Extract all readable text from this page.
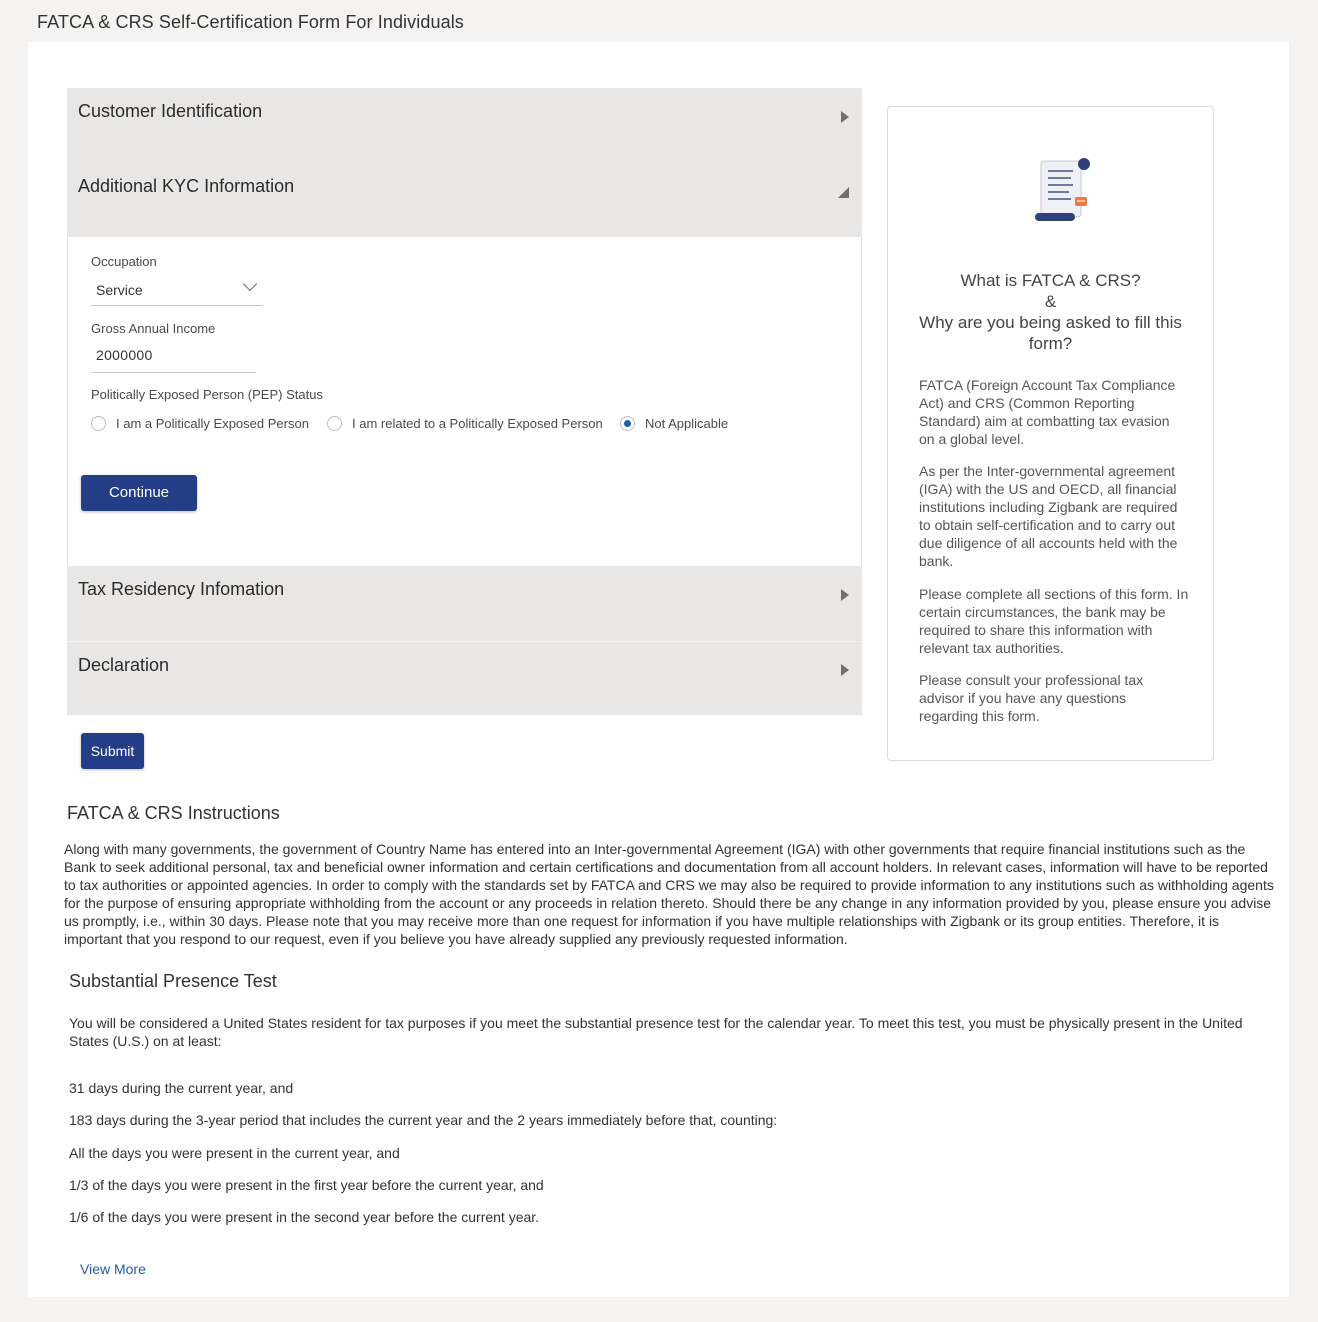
FATCA & CRS Self-Certification Form For Individuals
Customer Identification
Additional KYC Information
Occupation
Service
Gross Annual Income
2000000
Politically Exposed Person (PEP) Status
I am a Politically Exposed Person	I am related to a Politically Exposed Person	Not Applicable
Continue
Tax Residency Infomation
Declaration
Submit
What is FATCA & CRS?
&
Why are you being asked to fill this form?
FATCA (Foreign Account Tax Compliance Act) and CRS (Common Reporting Standard) aim at combatting tax evasion on a global level.
As per the Inter-governmental agreement (IGA) with the US and OECD, all financial institutions including Zigbank are required to obtain self-certification and to carry out due diligence of all accounts held with the bank.
Please complete all sections of this form. In certain circumstances, the bank may be required to share this information with relevant tax authorities.
Please consult your professional tax advisor if you have any questions regarding this form.
FATCA & CRS Instructions
Along with many governments, the government of Country Name has entered into an Inter-governmental Agreement (IGA) with other governments that require financial institutions such as the Bank to seek additional personal, tax and beneficial owner information and certain certifications and documentation from all account holders. In relevant cases, information will have to be reported to tax authorities or appointed agencies. In order to comply with the standards set by FATCA and CRS we may also be required to provide information to any institutions such as withholding agents for the purpose of ensuring appropriate withholding from the account or any proceeds in relation thereto. Should there be any change in any information provided by you, please ensure you advise us promptly, i.e., within 30 days. Please note that you may receive more than one request for information if you have multiple relationships with Zigbank or its group entities. Therefore, it is important that you respond to our request, even if you believe you have already supplied any previously requested information.
Substantial Presence Test
You will be considered a United States resident for tax purposes if you meet the substantial presence test for the calendar year. To meet this test, you must be physically present in the United States (U.S.) on at least:
31 days during the current year, and
183 days during the 3-year period that includes the current year and the 2 years immediately before that, counting:
All the days you were present in the current year, and
1/3 of the days you were present in the first year before the current year, and
1/6 of the days you were present in the second year before the current year.
View More
